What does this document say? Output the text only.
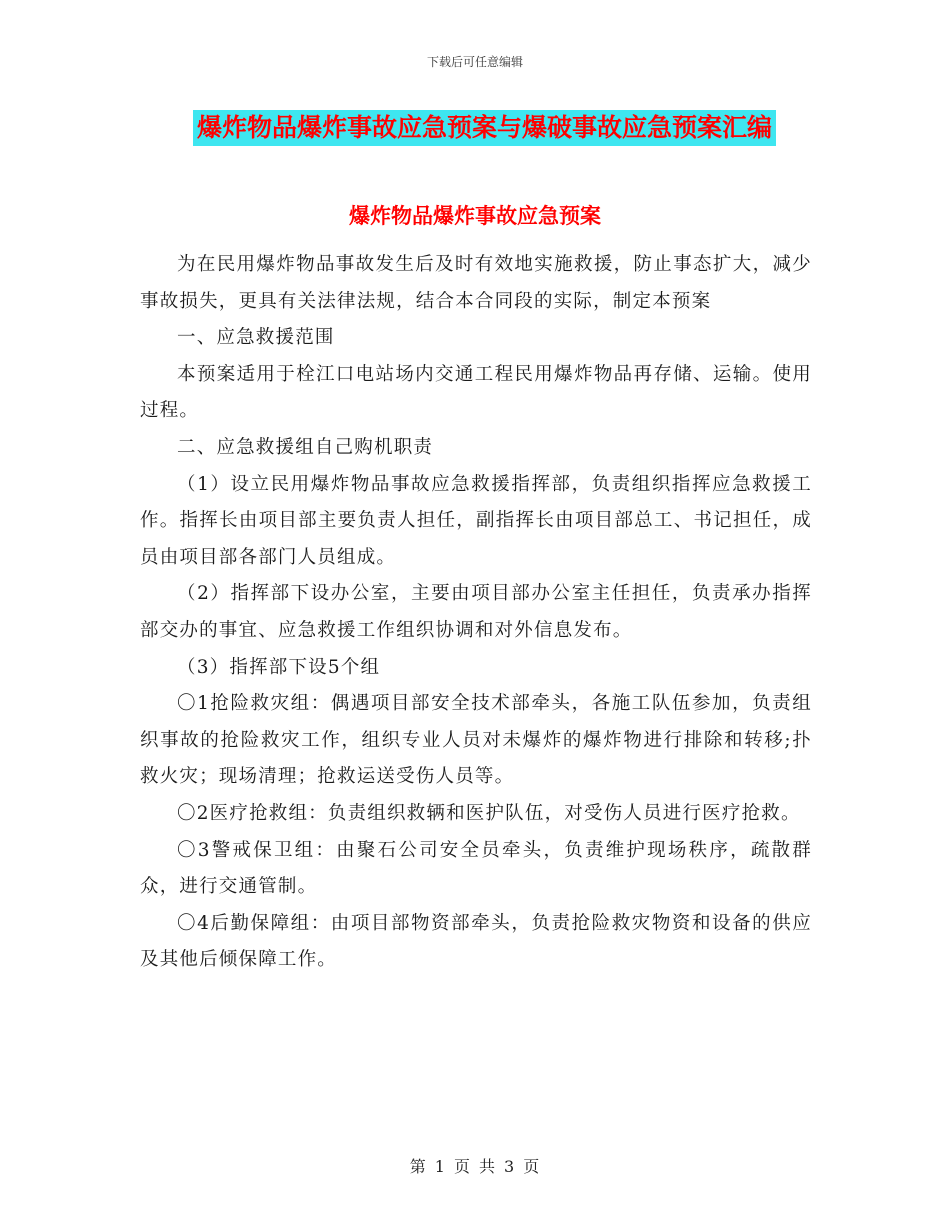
下载后可任意编辑
爆炸物品爆炸事故应急预案与爆破事故应急预案汇编
爆炸物品爆炸事故应急预案

为在民用爆炸物品事故发生后及时有效地实施救援，防止事态扩大，减少事故损失，更具有关法律法规，结合本合同段的实际，制定本预案

一、应急救援范围

本预案适用于栓江口电站场内交通工程民用爆炸物品再存储、运输。使用过程。

二、应急救援组自己购机职责

（1）设立民用爆炸物品事故应急救援指挥部，负责组织指挥应急救援工作。指挥长由项目部主要负责人担任，副指挥长由项目部总工、书记担任，成员由项目部各部门人员组成。

（2）指挥部下设办公室，主要由项目部办公室主任担任，负责承办指挥部交办的事宜、应急救援工作组织协调和对外信息发布。

（3）指挥部下设5个组

〇1抢险救灾组：偶遇项目部安全技术部牵头，各施工队伍参加，负责组织事故的抢险救灾工作，组织专业人员对未爆炸的爆炸物进行排除和转移;扑救火灾；现场清理；抢救运送受伤人员等。

〇2医疗抢救组：负责组织救辆和医护队伍，对受伤人员进行医疗抢救。

〇3警戒保卫组：由聚石公司安全员牵头，负责维护现场秩序，疏散群众，进行交通管制。

〇4后勤保障组：由项目部物资部牵头，负责抢险救灾物资和设备的供应及其他后倾保障工作。

第 1 页 共 3 页
